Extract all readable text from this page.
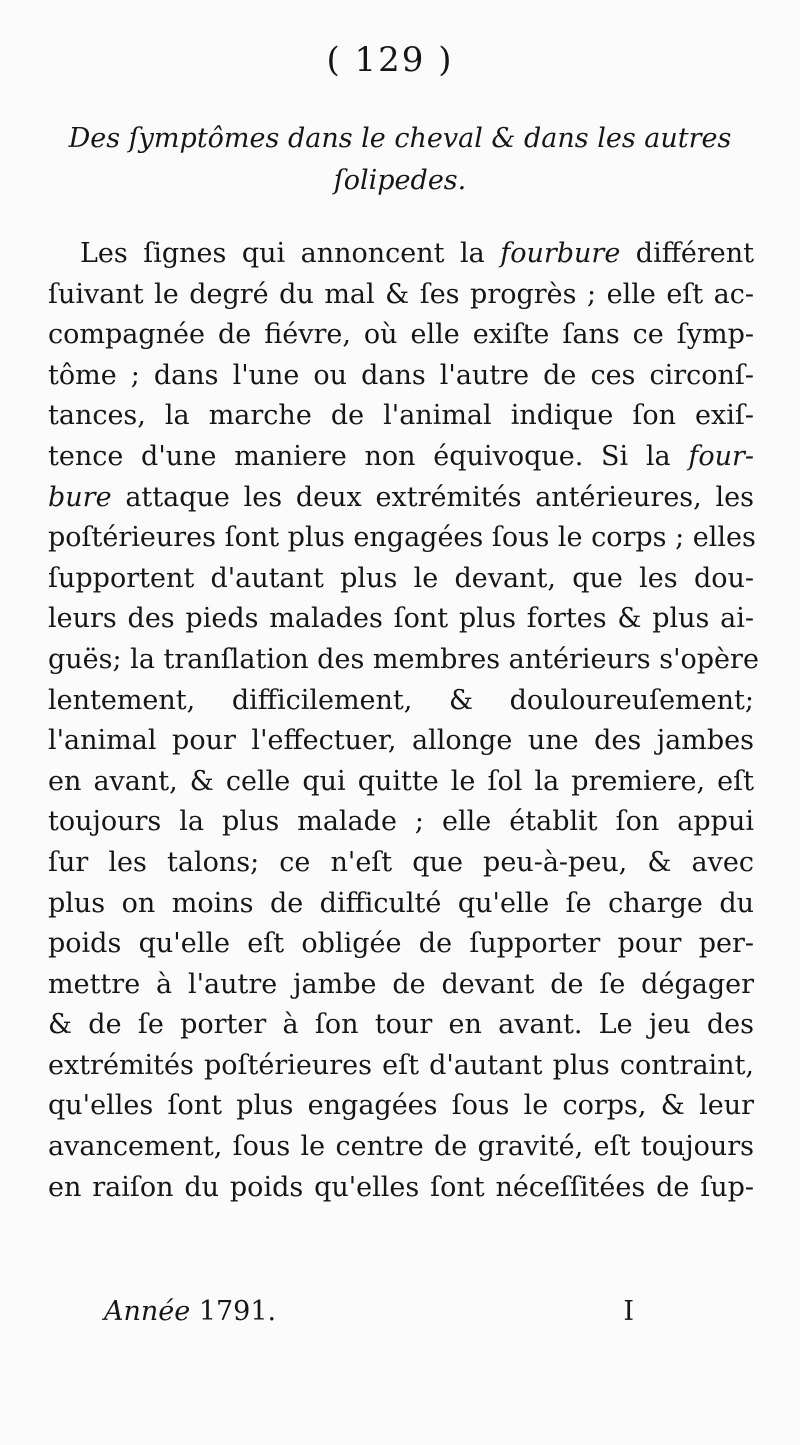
( 129 )
Des ſymptômes dans le cheval & dans les autres
ſolipedes.
Les ſignes qui annoncent la fourbure différent
ſuivant le degré du mal & ſes progrès ; elle eſt ac-
compagnée de fiévre, où elle exiſte ſans ce ſymp-
tôme ; dans l'une ou dans l'autre de ces circonſ-
tances, la marche de l'animal indique ſon exiſ-
tence d'une maniere non équivoque. Si la four-
bure attaque les deux extrémités antérieures, les
poſtérieures ſont plus engagées ſous le corps ; elles
ſupportent d'autant plus le devant, que les dou-
leurs des pieds malades ſont plus fortes & plus ai-
guës; la tranſlation des membres antérieurs s'opère
lentement, difficilement, & douloureuſement;
l'animal pour l'effectuer, allonge une des jambes
en avant, & celle qui quitte le ſol la premiere, eſt
toujours la plus malade ; elle établit ſon appui
ſur les talons; ce n'eſt que peu-à-peu, & avec
plus on moins de difficulté qu'elle ſe charge du
poids qu'elle eſt obligée de ſupporter pour per-
mettre à l'autre jambe de devant de ſe dégager
& de ſe porter à ſon tour en avant. Le jeu des
extrémités poſtérieures eſt d'autant plus contraint,
qu'elles ſont plus engagées ſous le corps, & leur
avancement, ſous le centre de gravité, eſt toujours
en raiſon du poids qu'elles ſont néceſſitées de ſup-
Année 1791.	I
